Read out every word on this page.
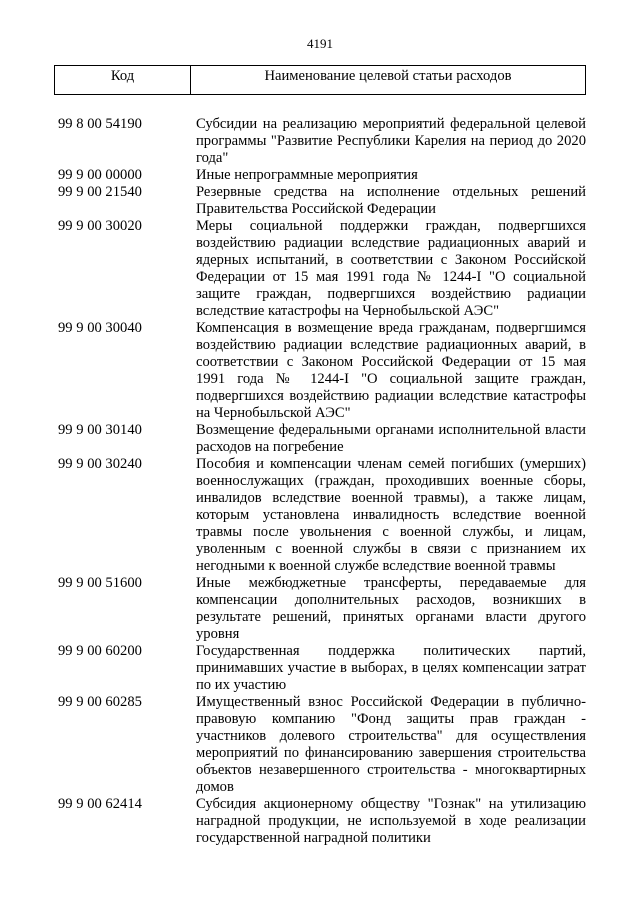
4191
Код	Наименование целевой статьи расходов
99 8 00 54190	Субсидии на реализацию мероприятий федеральной целевой программы "Развитие Республики Карелия на период до 2020 года"
99 9 00 00000	Иные непрограммные мероприятия
99 9 00 21540	Резервные средства на исполнение отдельных решений Правительства Российской Федерации
99 9 00 30020	Меры социальной поддержки граждан, подвергшихся воздействию радиации вследствие радиационных аварий и ядерных испытаний, в соответствии с Законом Российской Федерации от 15 мая 1991 года № 1244-I "О социальной защите граждан, подвергшихся воздействию радиации вследствие катастрофы на Чернобыльской АЭС"
99 9 00 30040	Компенсация в возмещение вреда гражданам, подвергшимся воздействию радиации вследствие радиационных аварий, в соответствии с Законом Российской Федерации от 15 мая 1991 года № 1244-I "О социальной защите граждан, подвергшихся воздействию радиации вследствие катастрофы на Чернобыльской АЭС"
99 9 00 30140	Возмещение федеральными органами исполнительной власти расходов на погребение
99 9 00 30240	Пособия и компенсации членам семей погибших (умерших) военнослужащих (граждан, проходивших военные сборы, инвалидов вследствие военной травмы), а также лицам, которым установлена инвалидность вследствие военной травмы после увольнения с военной службы, и лицам, уволенным с военной службы в связи с признанием их негодными к военной службе вследствие военной травмы
99 9 00 51600	Иные межбюджетные трансферты, передаваемые для компенсации дополнительных расходов, возникших в результате решений, принятых органами власти другого уровня
99 9 00 60200	Государственная поддержка политических партий, принимавших участие в выборах, в целях компенсации затрат по их участию
99 9 00 60285	Имущественный взнос Российской Федерации в публично-правовую компанию "Фонд защиты прав граждан - участников долевого строительства" для осуществления мероприятий по финансированию завершения строительства объектов незавершенного строительства - многоквартирных домов
99 9 00 62414	Субсидия акционерному обществу "Гознак" на утилизацию наградной продукции, не используемой в ходе реализации государственной наградной политики
